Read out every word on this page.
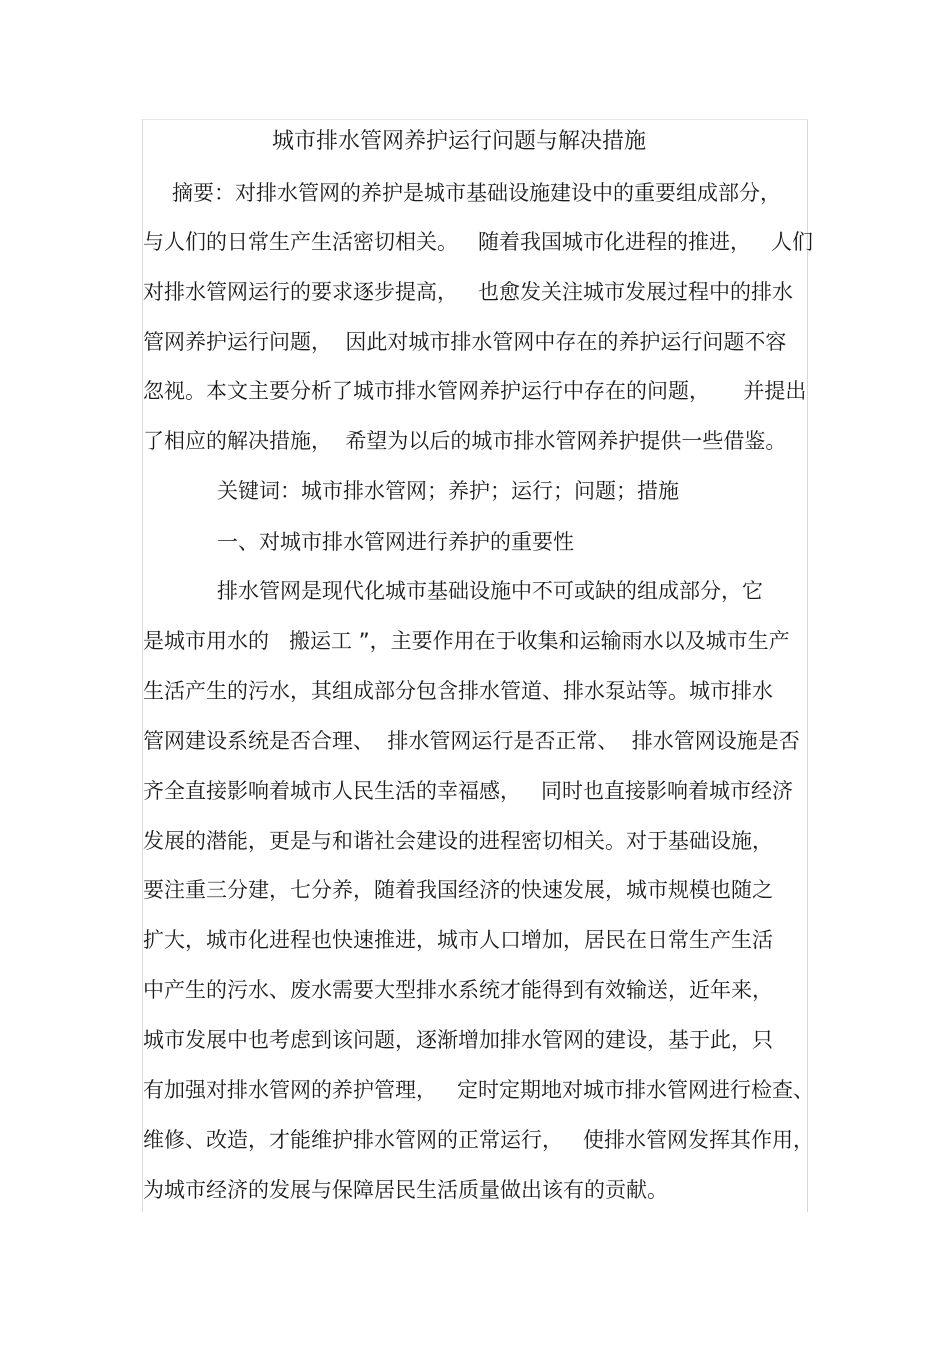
城市排水管网养护运行问题与解决措施
摘要：对排水管网的养护是城市基础设施建设中的重要组成部分，
与人们的日常生产生活密切相关。   随着我国城市化进程的推进，   人们
对排水管网运行的要求逐步提高，   也愈发关注城市发展过程中的排水
管网养护运行问题，  因此对城市排水管网中存在的养护运行问题不容
忽视。本文主要分析了城市排水管网养护运行中存在的问题，     并提出
了相应的解决措施，  希望为以后的城市排水管网养护提供一些借鉴。
关键词：城市排水管网；养护；运行；问题；措施
一、对城市排水管网进行养护的重要性
排水管网是现代化城市基础设施中不可或缺的组成部分，它
是城市用水的   搬运工 ”，主要作用在于收集和运输雨水以及城市生产
生活产生的污水，其组成部分包含排水管道、排水泵站等。城市排水
管网建设系统是否合理、  排水管网运行是否正常、  排水管网设施是否
齐全直接影响着城市人民生活的幸福感，   同时也直接影响着城市经济
发展的潜能，更是与和谐社会建设的进程密切相关。对于基础设施，
要注重三分建，七分养，随着我国经济的快速发展，城市规模也随之
扩大，城市化进程也快速推进，城市人口增加，居民在日常生产生活
中产生的污水、废水需要大型排水系统才能得到有效输送，近年来，
城市发展中也考虑到该问题，逐渐增加排水管网的建设，基于此，只
有加强对排水管网的养护管理，   定时定期地对城市排水管网进行检查、
维修、改造，才能维护排水管网的正常运行，   使排水管网发挥其作用，
为城市经济的发展与保障居民生活质量做出该有的贡献。
